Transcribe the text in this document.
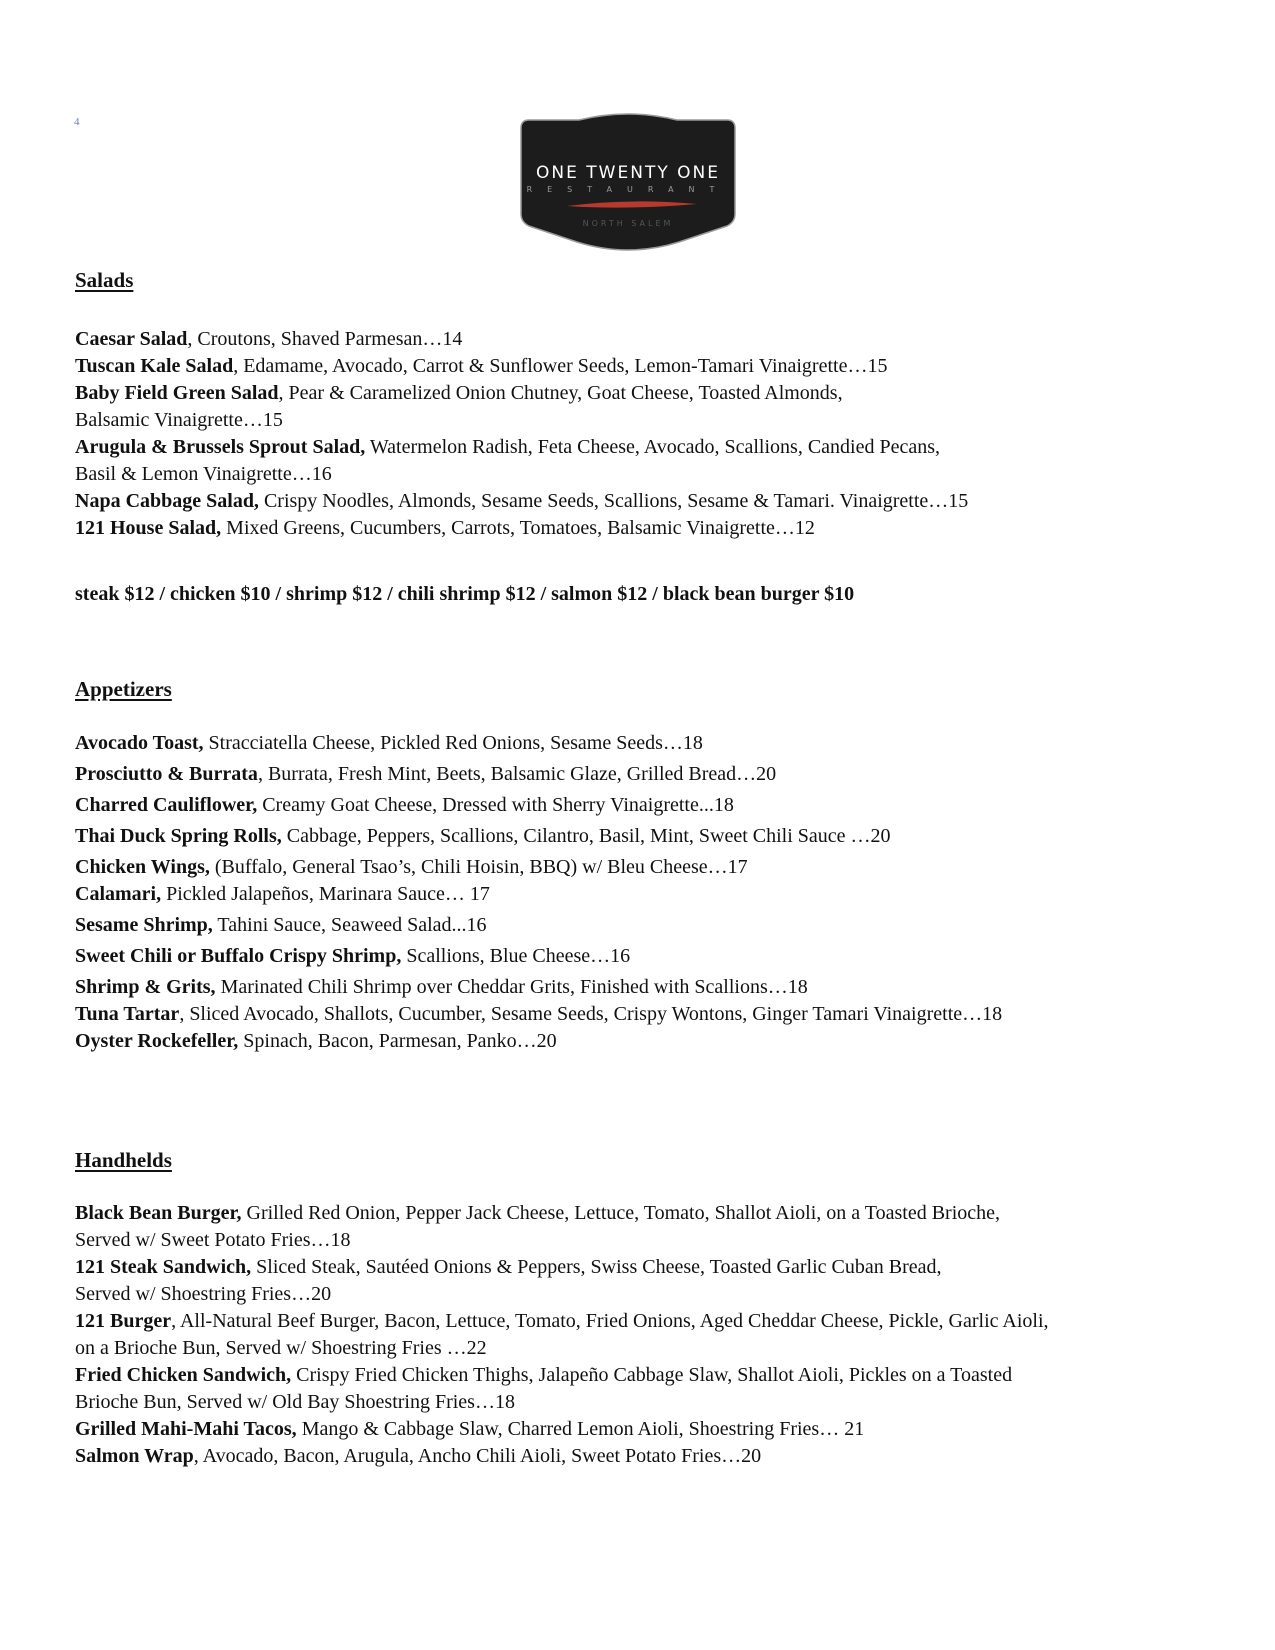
4
ONE TWENTY ONE
RESTAURANT
NORTH SALEM
Salads
Caesar Salad, Croutons, Shaved Parmesan…14
Tuscan Kale Salad, Edamame, Avocado, Carrot & Sunflower Seeds, Lemon-Tamari Vinaigrette…15
Baby Field Green Salad, Pear & Caramelized Onion Chutney, Goat Cheese, Toasted Almonds,
Balsamic Vinaigrette…15
Arugula & Brussels Sprout Salad, Watermelon Radish, Feta Cheese, Avocado, Scallions, Candied Pecans,
Basil & Lemon Vinaigrette…16
Napa Cabbage Salad, Crispy Noodles, Almonds, Sesame Seeds, Scallions, Sesame & Tamari. Vinaigrette…15
121 House Salad, Mixed Greens, Cucumbers, Carrots, Tomatoes, Balsamic Vinaigrette…12

steak $12 / chicken $10 / shrimp $12 / chili shrimp $12 / salmon $12 / black bean burger $10

Appetizers
Avocado Toast, Stracciatella Cheese, Pickled Red Onions, Sesame Seeds…18
Prosciutto & Burrata, Burrata, Fresh Mint, Beets, Balsamic Glaze, Grilled Bread…20
Charred Cauliflower, Creamy Goat Cheese, Dressed with Sherry Vinaigrette...18
Thai Duck Spring Rolls, Cabbage, Peppers, Scallions, Cilantro, Basil, Mint, Sweet Chili Sauce …20
Chicken Wings, (Buffalo, General Tsao’s, Chili Hoisin, BBQ) w/ Bleu Cheese…17
Calamari, Pickled Jalapeños, Marinara Sauce… 17
Sesame Shrimp, Tahini Sauce, Seaweed Salad...16
Sweet Chili or Buffalo Crispy Shrimp, Scallions, Blue Cheese…16
Shrimp & Grits, Marinated Chili Shrimp over Cheddar Grits, Finished with Scallions…18
Tuna Tartar, Sliced Avocado, Shallots, Cucumber, Sesame Seeds, Crispy Wontons, Ginger Tamari Vinaigrette…18
Oyster Rockefeller, Spinach, Bacon, Parmesan, Panko…20
Handhelds
Black Bean Burger, Grilled Red Onion, Pepper Jack Cheese, Lettuce, Tomato, Shallot Aioli, on a Toasted Brioche,
Served w/ Sweet Potato Fries…18
121 Steak Sandwich, Sliced Steak, Sautéed Onions & Peppers, Swiss Cheese, Toasted Garlic Cuban Bread,
Served w/ Shoestring Fries…20
121 Burger, All-Natural Beef Burger, Bacon, Lettuce, Tomato, Fried Onions, Aged Cheddar Cheese, Pickle, Garlic Aioli,
on a Brioche Bun, Served w/ Shoestring Fries …22
Fried Chicken Sandwich, Crispy Fried Chicken Thighs, Jalapeño Cabbage Slaw, Shallot Aioli, Pickles on a Toasted
Brioche Bun, Served w/ Old Bay Shoestring Fries…18
Grilled Mahi-Mahi Tacos, Mango & Cabbage Slaw, Charred Lemon Aioli, Shoestring Fries… 21
Salmon Wrap, Avocado, Bacon, Arugula, Ancho Chili Aioli, Sweet Potato Fries…20
